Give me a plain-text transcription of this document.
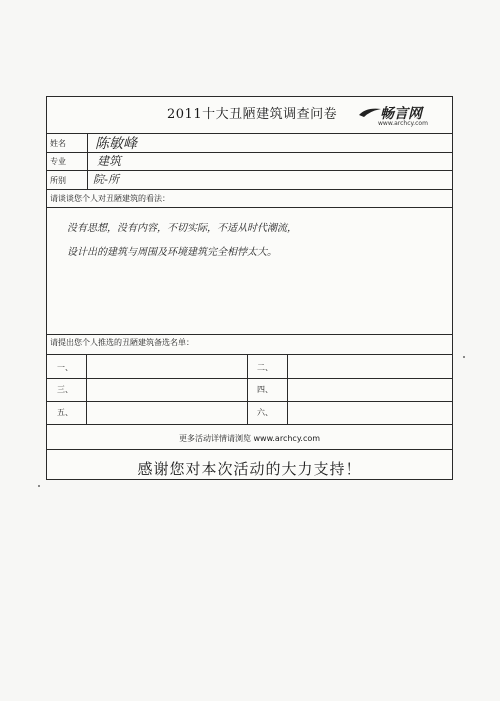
2011十大丑陋建筑调查问卷	畅言网
www.archcy.com
姓名 陈敏峰
专业	建筑
所别 院-所
请谈谈您个人对丑陋建筑的看法：
没有思想，没有内容，不切实际，不适从时代潮流，
设计出的建筑与周围及环境建筑完全相悖太大。
请提出您个人推选的丑陋建筑备选名单：
一、	二、
三、	四、
五、	六、
更多活动详情请浏览 www.archcy.com
感谢您对本次活动的大力支持！
